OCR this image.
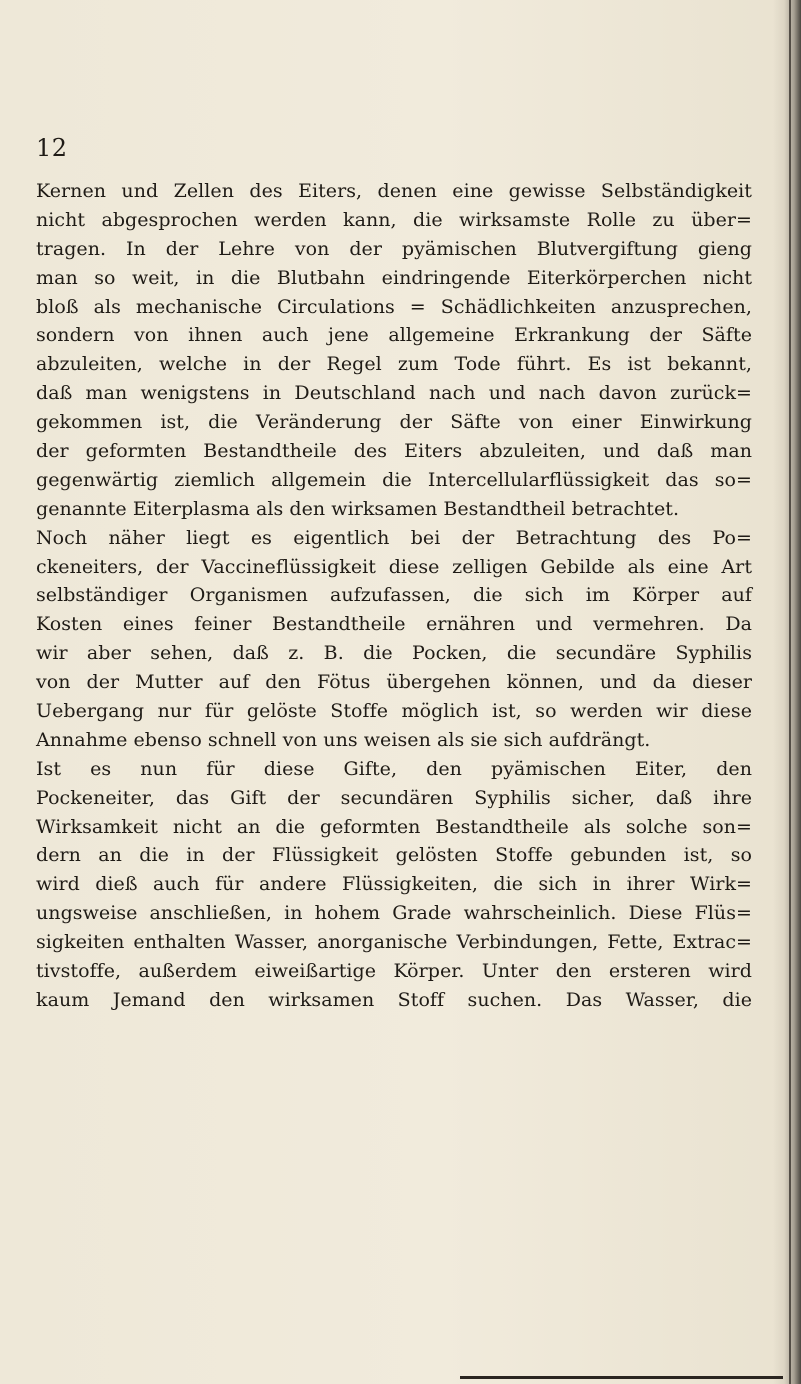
12
Kernen und Zellen des Eiters, denen eine gewisse Selbständigkeit
nicht abgesprochen werden kann, die wirksamste Rolle zu über=
tragen. In der Lehre von der pyämischen Blutvergiftung gieng
man so weit, in die Blutbahn eindringende Eiterkörperchen nicht
bloß als mechanische Circulations = Schädlichkeiten anzusprechen,
sondern von ihnen auch jene allgemeine Erkrankung der Säfte
abzuleiten, welche in der Regel zum Tode führt. Es ist bekannt,
daß man wenigstens in Deutschland nach und nach davon zurück=
gekommen ist, die Veränderung der Säfte von einer Einwirkung
der geformten Bestandtheile des Eiters abzuleiten, und daß man
gegenwärtig ziemlich allgemein die Intercellularflüssigkeit das so=
genannte Eiterplasma als den wirksamen Bestandtheil betrachtet.
Noch näher liegt es eigentlich bei der Betrachtung des Po=
ckeneiters, der Vaccineflüssigkeit diese zelligen Gebilde als eine Art
selbständiger Organismen aufzufassen, die sich im Körper auf
Kosten eines feiner Bestandtheile ernähren und vermehren. Da
wir aber sehen, daß z. B. die Pocken, die secundäre Syphilis
von der Mutter auf den Fötus übergehen können, und da dieser
Uebergang nur für gelöste Stoffe möglich ist, so werden wir diese
Annahme ebenso schnell von uns weisen als sie sich aufdrängt.
Ist es nun für diese Gifte, den pyämischen Eiter, den
Pockeneiter, das Gift der secundären Syphilis sicher, daß ihre
Wirksamkeit nicht an die geformten Bestandtheile als solche son=
dern an die in der Flüssigkeit gelösten Stoffe gebunden ist, so
wird dieß auch für andere Flüssigkeiten, die sich in ihrer Wirk=
ungsweise anschließen, in hohem Grade wahrscheinlich. Diese Flüs=
sigkeiten enthalten Wasser, anorganische Verbindungen, Fette, Extrac=
tivstoffe, außerdem eiweißartige Körper. Unter den ersteren wird
kaum Jemand den wirksamen Stoff suchen. Das Wasser, die
